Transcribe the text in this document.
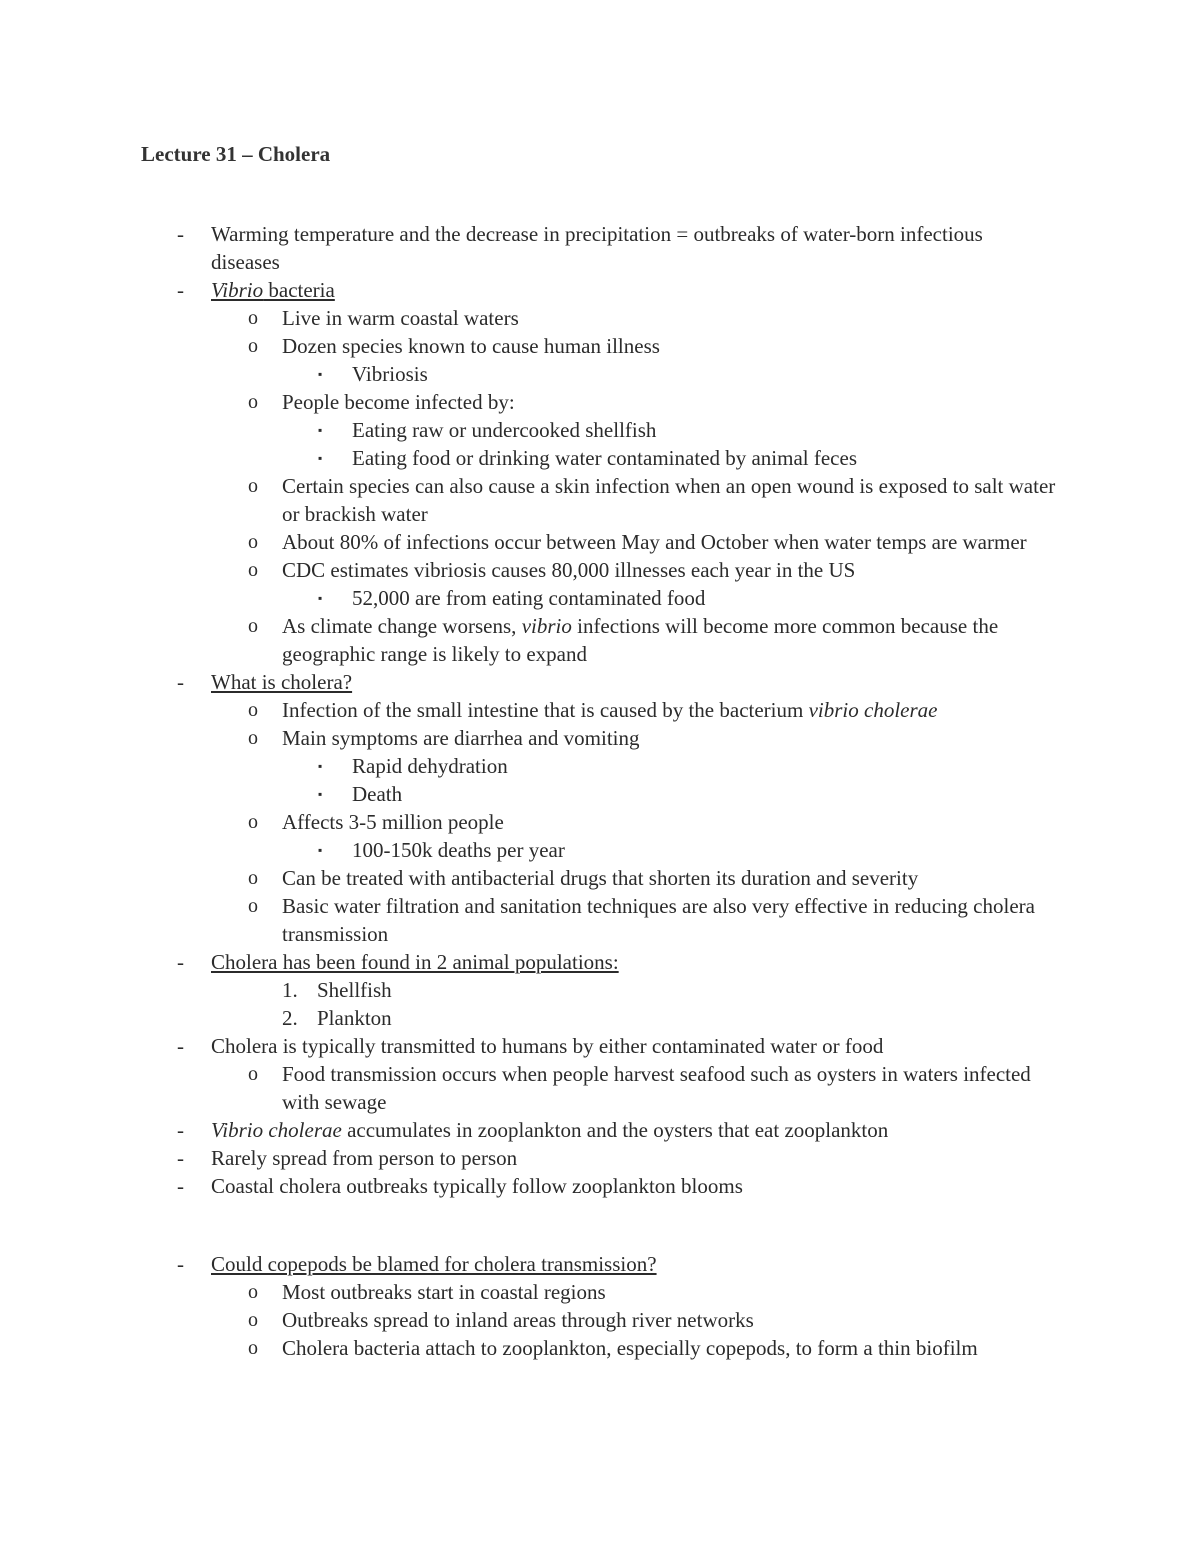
Lecture 31 – Cholera
- Warming temperature and the decrease in precipitation = outbreaks of water-born infectious diseases
- Vibrio bacteria
o Live in warm coastal waters
o Dozen species known to cause human illness
▪ Vibriosis
o People become infected by:
▪ Eating raw or undercooked shellfish
▪ Eating food or drinking water contaminated by animal feces
o Certain species can also cause a skin infection when an open wound is exposed to salt water or brackish water
o About 80% of infections occur between May and October when water temps are warmer
o CDC estimates vibriosis causes 80,000 illnesses each year in the US
▪ 52,000 are from eating contaminated food
o As climate change worsens, vibrio infections will become more common because the geographic range is likely to expand
- What is cholera?
o Infection of the small intestine that is caused by the bacterium vibrio cholerae
o Main symptoms are diarrhea and vomiting
▪ Rapid dehydration
▪ Death
o Affects 3-5 million people
▪ 100-150k deaths per year
o Can be treated with antibacterial drugs that shorten its duration and severity
o Basic water filtration and sanitation techniques are also very effective in reducing cholera transmission
- Cholera has been found in 2 animal populations:
1. Shellfish
2. Plankton
- Cholera is typically transmitted to humans by either contaminated water or food
o Food transmission occurs when people harvest seafood such as oysters in waters infected with sewage
- Vibrio cholerae accumulates in zooplankton and the oysters that eat zooplankton
- Rarely spread from person to person
- Coastal cholera outbreaks typically follow zooplankton blooms
- Could copepods be blamed for cholera transmission?
o Most outbreaks start in coastal regions
o Outbreaks spread to inland areas through river networks
o Cholera bacteria attach to zooplankton, especially copepods, to form a thin biofilm
